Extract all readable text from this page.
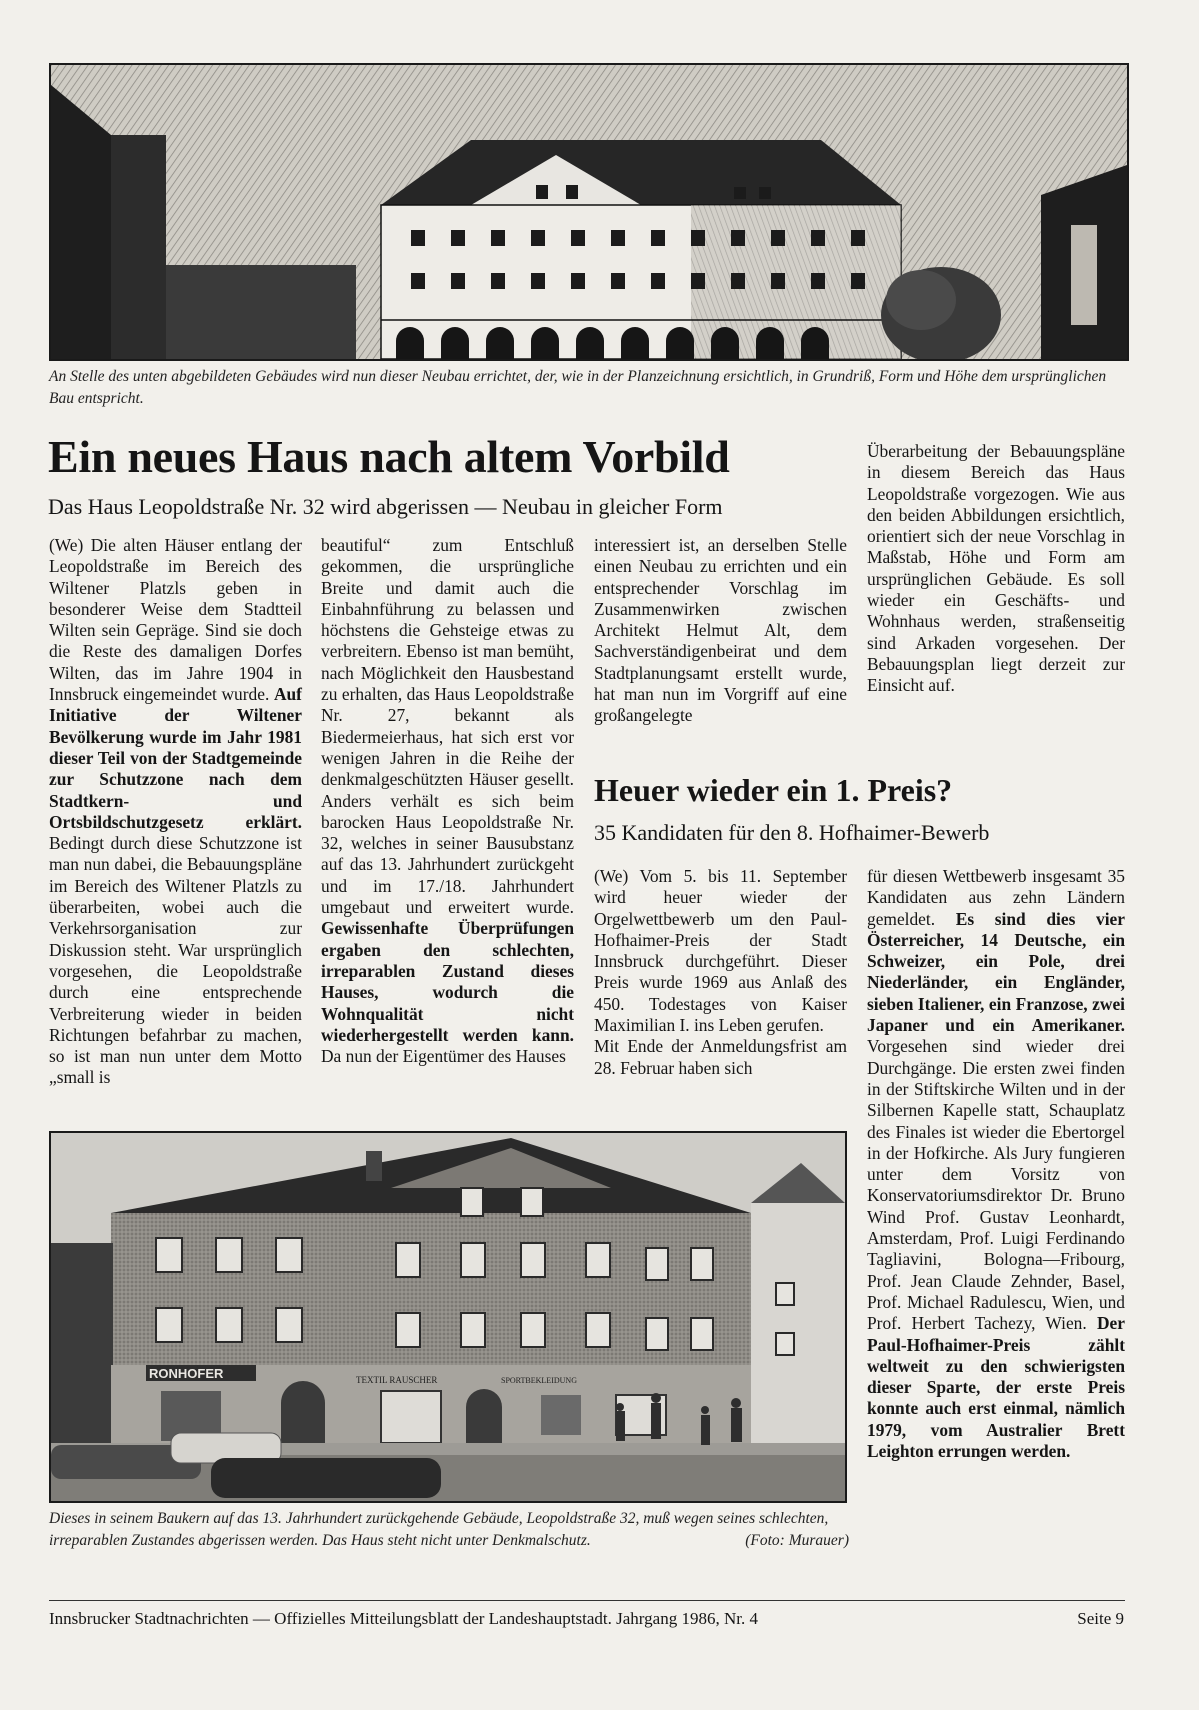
An Stelle des unten abgebildeten Gebäudes wird nun dieser Neubau errichtet, der, wie in der Planzeichnung ersichtlich, in Grundriß, Form und Höhe dem ursprünglichen Bau entspricht.
Ein neues Haus nach altem Vorbild
Das Haus Leopoldstraße Nr. 32 wird abgerissen — Neubau in gleicher Form
(We) Die alten Häuser entlang der Leopoldstraße im Bereich des Wiltener Platzls geben in besonderer Weise dem Stadtteil Wilten sein Gepräge. Sind sie doch die Reste des damaligen Dorfes Wilten, das im Jahre 1904 in Innsbruck eingemeindet wurde. Auf Initiative der Wiltener Bevölkerung wurde im Jahr 1981 dieser Teil von der Stadtgemeinde zur Schutzzone nach dem Stadtkern- und Ortsbildschutzgesetz erklärt. Bedingt durch diese Schutzzone ist man nun dabei, die Bebauungspläne im Bereich des Wiltener Platzls zu überarbeiten, wobei auch die Verkehrsorganisation zur Diskussion steht. War ursprünglich vorgesehen, die Leopoldstraße durch eine entsprechende Verbreiterung wieder in beiden Richtungen befahrbar zu machen, so ist man nun unter dem Motto „small is
beautiful“ zum Entschluß gekommen, die ursprüngliche Breite und damit auch die Einbahnführung zu belassen und höchstens die Gehsteige etwas zu verbreitern. Ebenso ist man bemüht, nach Möglichkeit den Hausbestand zu erhalten, das Haus Leopoldstraße Nr. 27, bekannt als Biedermeierhaus, hat sich erst vor wenigen Jahren in die Reihe der denkmalgeschützten Häuser gesellt. Anders verhält es sich beim barocken Haus Leopoldstraße Nr. 32, welches in seiner Bausubstanz auf das 13. Jahrhundert zurückgeht und im 17./18. Jahrhundert umgebaut und erweitert wurde. Gewissenhafte Überprüfungen ergaben den schlechten, irreparablen Zustand dieses Hauses, wodurch die Wohnqualität nicht wiederhergestellt werden kann. Da nun der Eigentümer des Hauses
interessiert ist, an derselben Stelle einen Neubau zu errichten und ein entsprechender Vorschlag im Zusammenwirken zwischen Architekt Helmut Alt, dem Sachverständigenbeirat und dem Stadtplanungsamt erstellt wurde, hat man nun im Vorgriff auf eine großangelegte
Überarbeitung der Bebauungspläne in diesem Bereich das Haus Leopoldstraße vorgezogen. Wie aus den beiden Abbildungen ersichtlich, orientiert sich der neue Vorschlag in Maßstab, Höhe und Form am ursprünglichen Gebäude. Es soll wieder ein Geschäfts- und Wohnhaus werden, straßenseitig sind Arkaden vorgesehen. Der Bebauungsplan liegt derzeit zur Einsicht auf.
Heuer wieder ein 1. Preis?
35 Kandidaten für den 8. Hofhaimer-Bewerb
(We) Vom 5. bis 11. September wird heuer wieder der Orgelwettbewerb um den Paul-Hofhaimer-Preis der Stadt Innsbruck durchgeführt. Dieser Preis wurde 1969 aus Anlaß des 450. Todestages von Kaiser Maximilian I. ins Leben gerufen.
Mit Ende der Anmeldungsfrist am 28. Februar haben sich
für diesen Wettbewerb insgesamt 35 Kandidaten aus zehn Ländern gemeldet. Es sind dies vier Österreicher, 14 Deutsche, ein Schweizer, ein Pole, drei Niederländer, ein Engländer, sieben Italiener, ein Franzose, zwei Japaner und ein Amerikaner. Vorgesehen sind wieder drei Durchgänge. Die ersten zwei finden in der Stiftskirche Wilten und in der Silbernen Kapelle statt, Schauplatz des Finales ist wieder die Ebertorgel in der Hofkirche. Als Jury fungieren unter dem Vorsitz von Konservatoriumsdirektor Dr. Bruno Wind Prof. Gustav Leonhardt, Amsterdam, Prof. Luigi Ferdinando Tagliavini, Bologna—Fribourg, Prof. Jean Claude Zehnder, Basel, Prof. Michael Radulescu, Wien, und Prof. Herbert Tachezy, Wien. Der Paul-Hofhaimer-Preis zählt weltweit zu den schwierigsten dieser Sparte, der erste Preis konnte auch erst einmal, nämlich 1979, vom Australier Brett Leighton errungen werden.
RONHOFER	TEXTIL RAUSCHER	SPORTBEKLEIDUNG
Dieses in seinem Baukern auf das 13. Jahrhundert zurückgehende Gebäude, Leopoldstraße 32, muß wegen seines schlechten, irreparablen Zustandes abgerissen werden. Das Haus steht nicht unter Denkmalschutz.	(Foto: Murauer)
Innsbrucker Stadtnachrichten — Offizielles Mitteilungsblatt der Landeshauptstadt. Jahrgang 1986, Nr. 4	Seite 9
